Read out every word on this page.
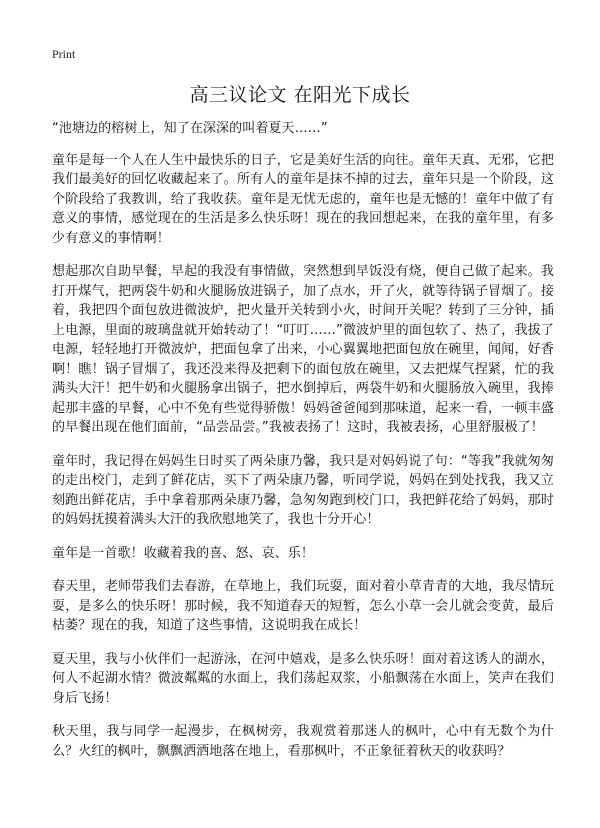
Print
高三议论文 在阳光下成长

“池塘边的榕树上，知了在深深的叫着夏天……”

童年是每一个人在人生中最快乐的日子，它是美好生活的向往。童年天真、无邪，它把我们最美好的回忆收藏起来了。所有人的童年是抹不掉的过去，童年只是一个阶段，这个阶段给了我教训，给了我收获。童年是无忧无虑的，童年也是无憾的！童年中做了有意义的事情，感觉现在的生活是多么快乐呀！现在的我回想起来，在我的童年里，有多少有意义的事情啊！

想起那次自助早餐，早起的我没有事情做，突然想到早饭没有烧，便自己做了起来。我打开煤气，把两袋牛奶和火腿肠放进锅子，加了点水，开了火，就等待锅子冒烟了。接着，我把四个面包放进微波炉，把火量开关转到小火，时间开关呢？转到了三分钟，插上电源，里面的玻璃盘就开始转动了！“叮叮……”微波炉里的面包软了、热了，我拔了电源，轻轻地打开微波炉，把面包拿了出来，小心翼翼地把面包放在碗里，闻闻，好香啊！瞧！锅子冒烟了，我还没来得及把剩下的面包放在碗里，又去把煤气捏紧，忙的我满头大汗！把牛奶和火腿肠拿出锅子，把水倒掉后，两袋牛奶和火腿肠放入碗里，我捧起那丰盛的早餐，心中不免有些觉得骄傲！妈妈爸爸闻到那味道，起来一看，一顿丰盛的早餐出现在他们面前，“品尝品尝。”我被表扬了！这时，我被表扬，心里舒服极了！

童年时，我记得在妈妈生日时买了两朵康乃馨，我只是对妈妈说了句：“等我”我就匆匆的走出校门，走到了鲜花店，买下了两朵康乃馨，听同学说，妈妈在到处找我，我又立刻跑出鲜花店，手中拿着那两朵康乃馨，急匆匆跑到校门口，我把鲜花给了妈妈，那时的妈妈抚摸着满头大汗的我欣慰地笑了，我也十分开心！

童年是一首歌！收藏着我的喜、怒、哀、乐！

春天里，老师带我们去春游，在草地上，我们玩耍，面对着小草青青的大地，我尽情玩耍，是多么的快乐呀！那时候，我不知道春天的短暂，怎么小草一会儿就会变黄，最后枯萎？现在的我，知道了这些事情，这说明我在成长！

夏天里，我与小伙伴们一起游泳，在河中嬉戏，是多么快乐呀！面对着这诱人的湖水，何人不起湖水情？微波粼粼的水面上，我们荡起双浆，小船飘荡在水面上，笑声在我们身后飞扬！

秋天里，我与同学一起漫步，在枫树旁，我观赏着那迷人的枫叶，心中有无数个为什么？火红的枫叶，飘飘洒洒地落在地上，看那枫叶，不正象征着秋天的收获吗？
